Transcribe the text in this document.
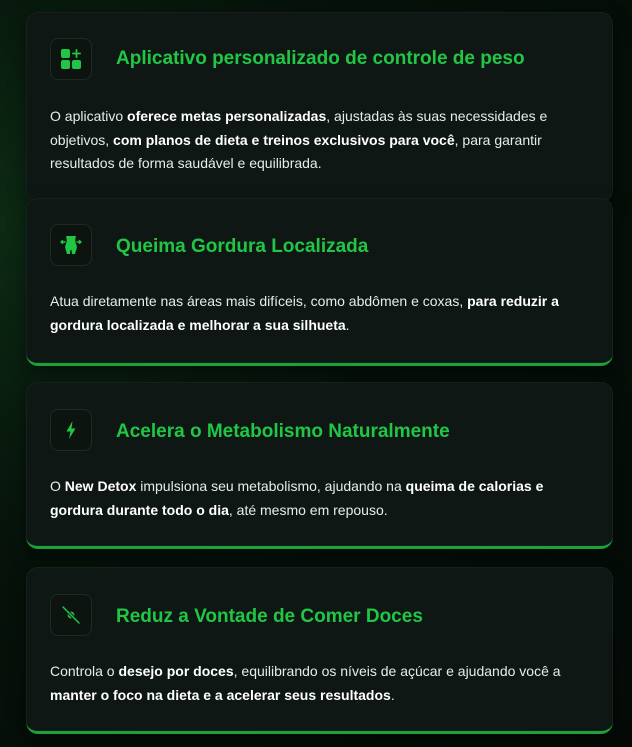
Aplicativo personalizado de controle de peso
O aplicativo oferece metas personalizadas, ajustadas às suas necessidades e objetivos, com planos de dieta e treinos exclusivos para você, para garantir resultados de forma saudável e equilibrada.
Queima Gordura Localizada
Atua diretamente nas áreas mais difíceis, como abdômen e coxas, para reduzir a gordura localizada e melhorar a sua silhueta.
Acelera o Metabolismo Naturalmente
O New Detox impulsiona seu metabolismo, ajudando na queima de calorias e gordura durante todo o dia, até mesmo em repouso.
Reduz a Vontade de Comer Doces
Controla o desejo por doces, equilibrando os níveis de açúcar e ajudando você a manter o foco na dieta e a acelerar seus resultados.
